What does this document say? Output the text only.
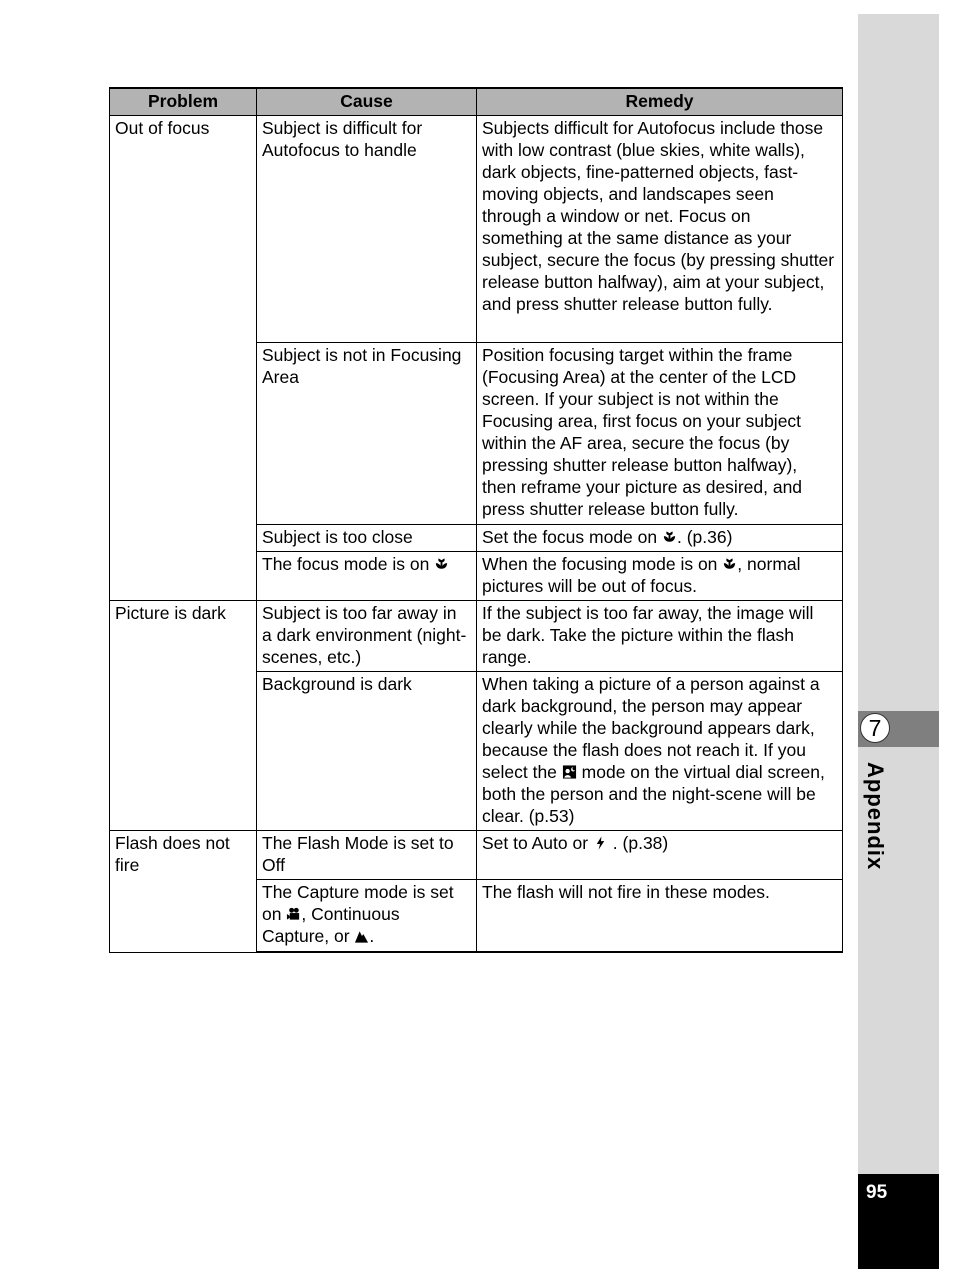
7
Appendix
95
Problem	Cause	Remedy
Out of focus	Subject is difficult for Autofocus to handle	Subjects difficult for Autofocus include those with low contrast (blue skies, white walls), dark objects, fine-patterned objects, fast-moving objects, and landscapes seen through a window or net. Focus on something at the same distance as your subject, secure the focus (by pressing shutter release button halfway), aim at your subject, and press shutter release button fully.
	Subject is not in Focusing Area	Position focusing target within the frame (Focusing Area) at the center of the LCD screen. If your subject is not within the Focusing area, first focus on your subject within the AF area, secure the focus (by pressing shutter release button halfway), then reframe your picture as desired, and press shutter release button fully.
	Subject is too close	Set the focus mode on . (p.36)
	The focus mode is on	When the focusing mode is on , normal pictures will be out of focus.
Picture is dark	Subject is too far away in a dark environment (night-scenes, etc.)	If the subject is too far away, the image will be dark. Take the picture within the flash range.
	Background is dark	When taking a picture of a person against a dark background, the person may appear clearly while the background appears dark, because the flash does not reach it. If you select the mode on the virtual dial screen, both the person and the night-scene will be clear. (p.53)
Flash does not fire	The Flash Mode is set to Off	Set to Auto or . (p.38)
	The Capture mode is set on , Continuous Capture, or .	The flash will not fire in these modes.
